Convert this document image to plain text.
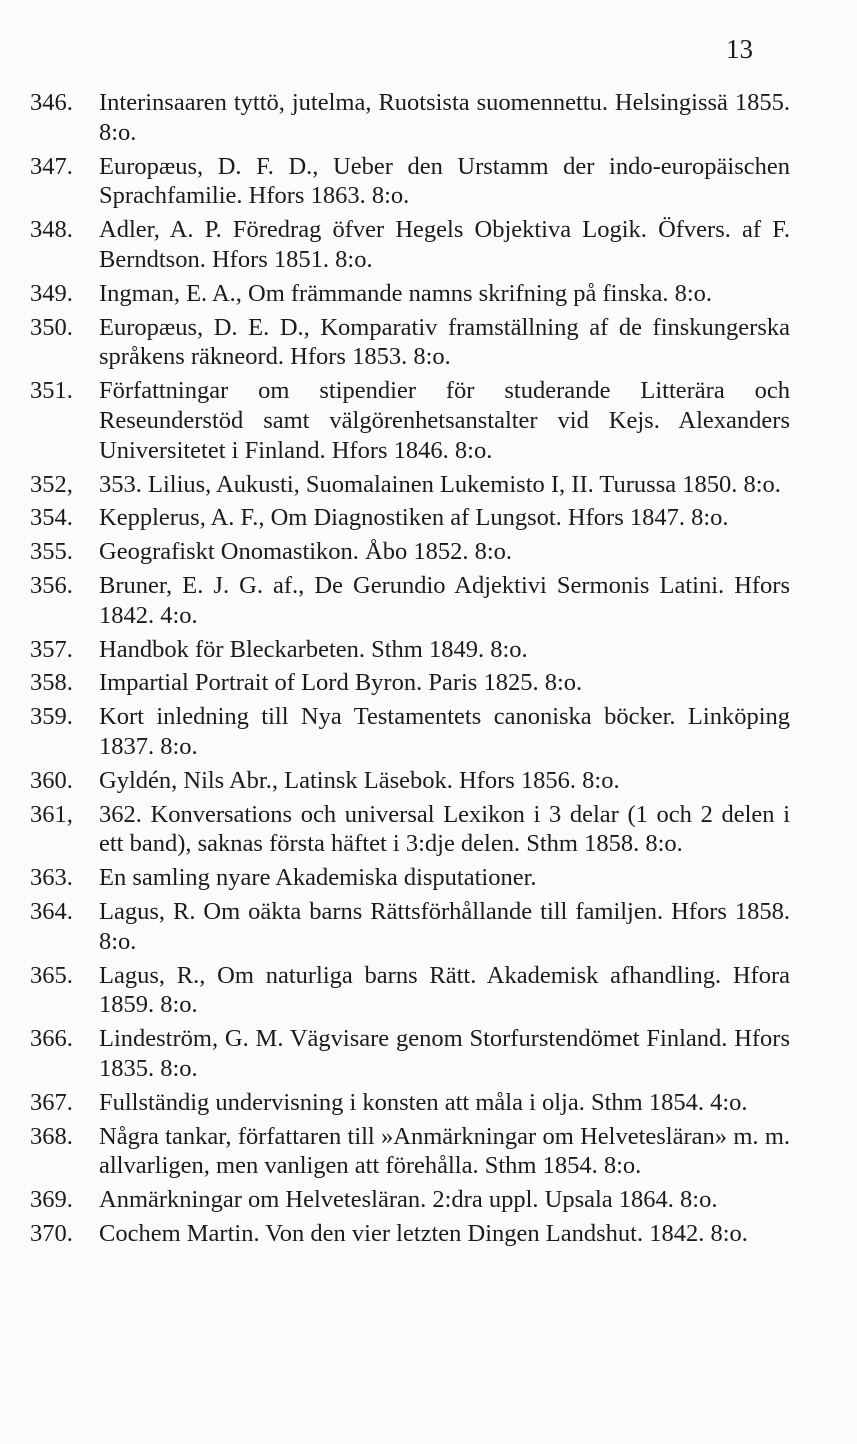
13
346. Interinsaaren tyttö, jutelma, Ruotsista suomennettu. Helsingissä 1855. 8:o.
347. Europæus, D. F. D., Ueber den Urstamm der indo-europäischen Sprachfamilie. Hfors 1863. 8:o.
348. Adler, A. P. Föredrag öfver Hegels Objektiva Logik. Öfvers. af F. Berndtson. Hfors 1851. 8:o.
349. Ingman, E. A., Om främmande namns skrifning på finska. 8:o.
350. Europæus, D. E. D., Komparativ framställning af de finskungerska språkens räkneord. Hfors 1853. 8:o.
351. Författningar om stipendier för studerande Litterära och Reseunderstöd samt välgörenhetsanstalter vid Kejs. Alexanders Universitetet i Finland. Hfors 1846. 8:o.
352, 353. Lilius, Aukusti, Suomalainen Lukemisto I, II. Turussa 1850. 8:o.
354. Kepplerus, A. F., Om Diagnostiken af Lungsot. Hfors 1847. 8:o.
355. Geografiskt Onomastikon. Åbo 1852. 8:o.
356. Bruner, E. J. G. af., De Gerundio Adjektivi Sermonis Latini. Hfors 1842. 4:o.
357. Handbok för Bleckarbeten. Sthm 1849. 8:o.
358. Impartial Portrait of Lord Byron. Paris 1825. 8:o.
359. Kort inledning till Nya Testamentets canoniska böcker. Linköping 1837. 8:o.
360. Gyldén, Nils Abr., Latinsk Läsebok. Hfors 1856. 8:o.
361, 362. Konversations och universal Lexikon i 3 delar (1 och 2 delen i ett band), saknas första häftet i 3:dje delen. Sthm 1858. 8:o.
363. En samling nyare Akademiska disputationer.
364. Lagus, R. Om oäkta barns Rättsförhållande till familjen. Hfors 1858. 8:o.
365. Lagus, R., Om naturliga barns Rätt. Akademisk afhandling. Hfora 1859. 8:o.
366. Lindeström, G. M. Vägvisare genom Storfurstendömet Finland. Hfors 1835. 8:o.
367. Fullständig undervisning i konsten att måla i olja. Sthm 1854. 4:o.
368. Några tankar, författaren till »Anmärkningar om Helvetesläran» m. m. allvarligen, men vanligen att förehålla. Sthm 1854. 8:o.
369. Anmärkningar om Helvetesläran. 2:dra uppl. Upsala 1864. 8:o.
370. Cochem Martin. Von den vier letzten Dingen Landshut. 1842. 8:o.
